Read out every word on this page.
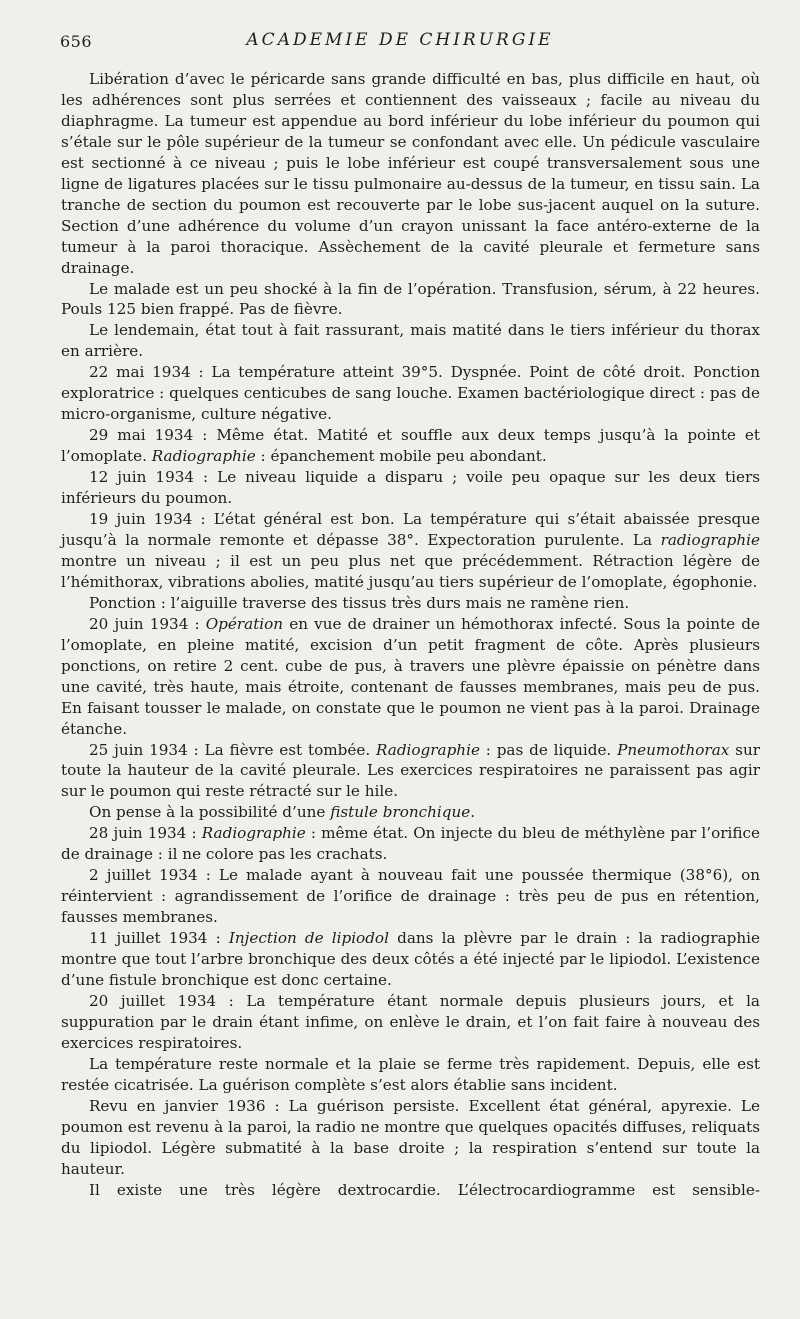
656	ACADEMIE DE CHIRURGIE

Libération d’avec le péricarde sans grande difficulté en bas, plus difficile en haut, où les adhérences sont plus serrées et contiennent des vaisseaux ; facile au niveau du diaphragme. La tumeur est appendue au bord inférieur du lobe inférieur du poumon qui s’étale sur le pôle supérieur de la tumeur se confondant avec elle. Un pédicule vasculaire est sectionné à ce niveau ; puis le lobe inférieur est coupé transversalement sous une ligne de ligatures placées sur le tissu pulmonaire au-dessus de la tumeur, en tissu sain. La tranche de section du poumon est recouverte par le lobe sus-jacent auquel on la suture. Section d’une adhérence du volume d’un crayon unissant la face antéro-externe de la tumeur à la paroi thoracique. Assèchement de la cavité pleurale et fermeture sans drainage.

Le malade est un peu shocké à la fin de l’opération. Transfusion, sérum, à 22 heures. Pouls 125 bien frappé. Pas de fièvre.

Le lendemain, état tout à fait rassurant, mais matité dans le tiers inférieur du thorax en arrière.

22 mai 1934 : La température atteint 39°5. Dyspnée. Point de côté droit. Ponction exploratrice : quelques centicubes de sang louche. Examen bactériologique direct : pas de micro-organisme, culture négative.

29 mai 1934 : Même état. Matité et souffle aux deux temps jusqu’à la pointe et l’omoplate. Radiographie : épanchement mobile peu abondant.

12 juin 1934 : Le niveau liquide a disparu ; voile peu opaque sur les deux tiers inférieurs du poumon.

19 juin 1934 : L’état général est bon. La température qui s’était abaissée presque jusqu’à la normale remonte et dépasse 38°. Expectoration purulente. La radiographie montre un niveau ; il est un peu plus net que précédemment. Rétraction légère de l’hémithorax, vibrations abolies, matité jusqu’au tiers supérieur de l’omoplate, égophonie.

Ponction : l’aiguille traverse des tissus très durs mais ne ramène rien.

20 juin 1934 : Opération en vue de drainer un hémothorax infecté. Sous la pointe de l’omoplate, en pleine matité, excision d’un petit fragment de côte. Après plusieurs ponctions, on retire 2 cent. cube de pus, à travers une plèvre épaissie on pénètre dans une cavité, très haute, mais étroite, contenant de fausses membranes, mais peu de pus. En faisant tousser le malade, on constate que le poumon ne vient pas à la paroi. Drainage étanche.

25 juin 1934 : La fièvre est tombée. Radiographie : pas de liquide. Pneumothorax sur toute la hauteur de la cavité pleurale. Les exercices respiratoires ne paraissent pas agir sur le poumon qui reste rétracté sur le hile.

On pense à la possibilité d’une fistule bronchique.

28 juin 1934 : Radiographie : même état. On injecte du bleu de méthylène par l’orifice de drainage : il ne colore pas les crachats.

2 juillet 1934 : Le malade ayant à nouveau fait une poussée thermique (38°6), on réintervient : agrandissement de l’orifice de drainage : très peu de pus en rétention, fausses membranes.

11 juillet 1934 : Injection de lipiodol dans la plèvre par le drain : la radiographie montre que tout l’arbre bronchique des deux côtés a été injecté par le lipiodol. L’existence d’une fistule bronchique est donc certaine.

20 juillet 1934 : La température étant normale depuis plusieurs jours, et la suppuration par le drain étant infime, on enlève le drain, et l’on fait faire à nouveau des exercices respiratoires.

La température reste normale et la plaie se ferme très rapidement. Depuis, elle est restée cicatrisée. La guérison complète s’est alors établie sans incident.

Revu en janvier 1936 : La guérison persiste. Excellent état général, apyrexie. Le poumon est revenu à la paroi, la radio ne montre que quelques opacités diffuses, reliquats du lipiodol. Légère submatité à la base droite ; la respiration s’entend sur toute la hauteur.

Il existe une très légère dextrocardie. L’électrocardiogramme est sensible-
